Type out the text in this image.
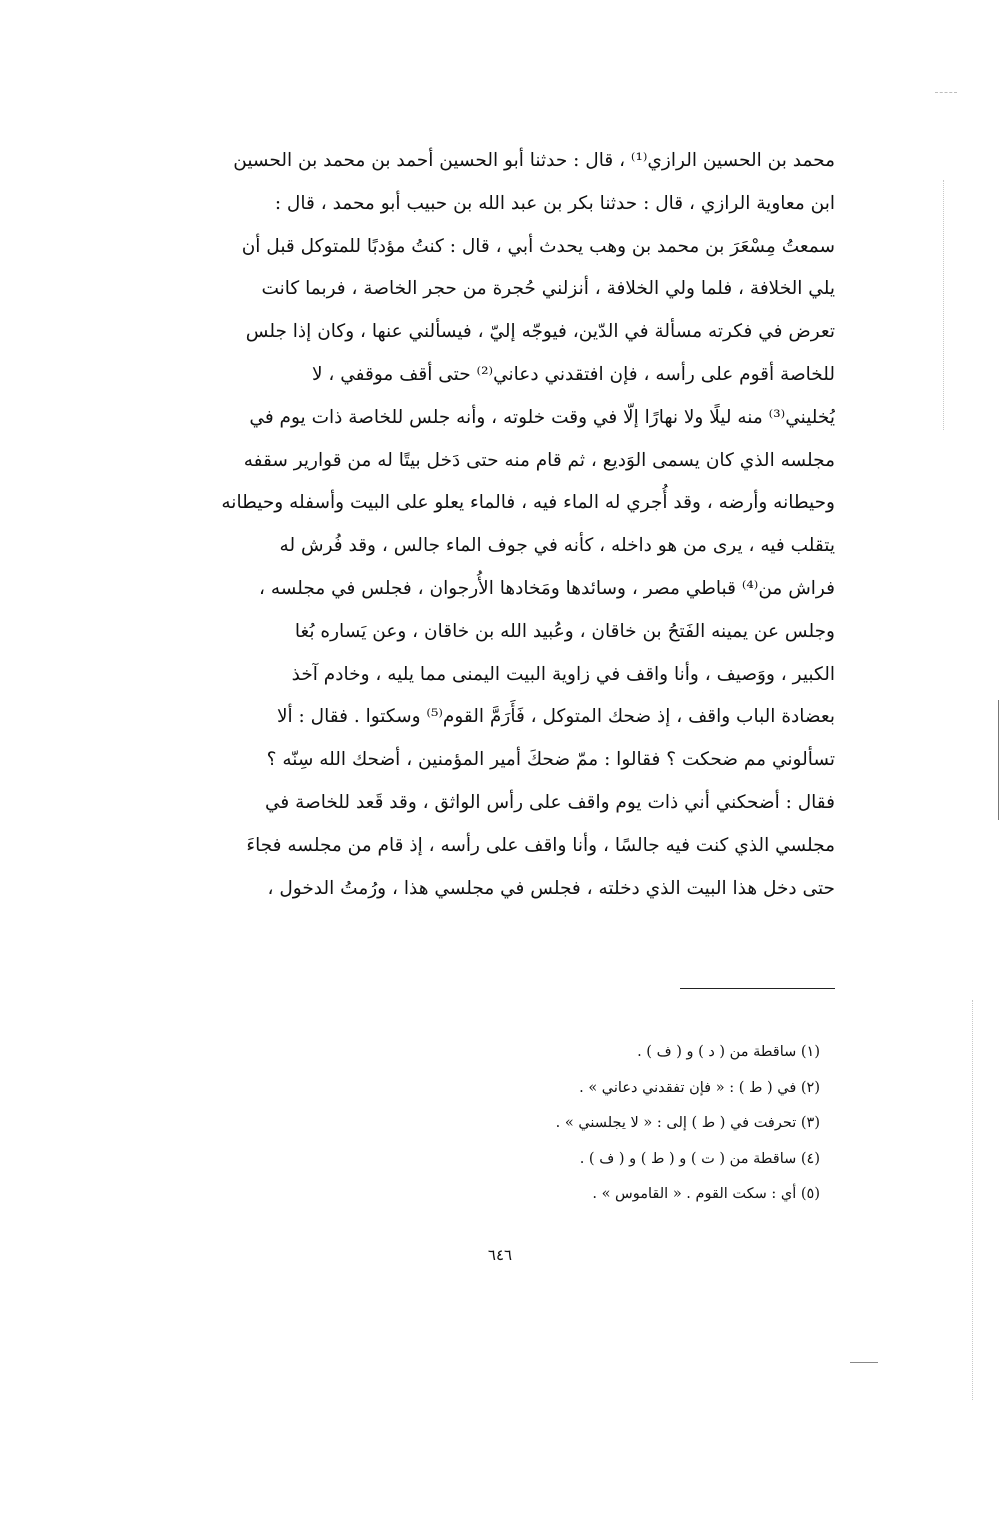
محمد بن الحسين الرازي⁽¹⁾ ، قال : حدثنا أبو الحسين أحمد بن محمد بن الحسين
ابن معاوية الرازي ، قال : حدثنا بكر بن عبد الله بن حبيب أبو محمد ، قال :
سمعتُ مِسْعَرَ بن محمد بن وهب يحدث أبي ، قال : كنتُ مؤدبًا للمتوكل قبل أن
يلي الخلافة ، فلما ولي الخلافة ، أنزلني حُجرة من حجر الخاصة ، فربما كانت
تعرض في فكرته مسألة في الدّين، فيوجّه إليّ ، فيسألني عنها ، وكان إذا جلس
للخاصة أقوم على رأسه ، فإن افتقدني دعاني⁽²⁾ حتى أقف موقفي ، لا
يُخليني⁽³⁾ منه ليلًا ولا نهارًا إلّا في وقت خلوته ، وأنه جلس للخاصة ذات يوم في
مجلسه الذي كان يسمى الوَديع ، ثم قام منه حتى دَخل بيتًا له من قوارير سقفه
وحيطانه وأرضه ، وقد أُجري له الماء فيه ، فالماء يعلو على البيت وأسفله وحيطانه
يتقلب فيه ، يرى من هو داخله ، كأنه في جوف الماء جالس ، وقد فُرش له
فراش من⁽⁴⁾ قباطي مصر ، وسائدها ومَخادها الأُرجوان ، فجلس في مجلسه ،
وجلس عن يمينه الفَتحُ بن خاقان ، وعُبيد الله بن خاقان ، وعن يَساره بُغا
الكبير ، ووَصيف ، وأنا واقف في زاوية البيت اليمنى مما يليه ، وخادم آخذ
بعضادة الباب واقف ، إذ ضحك المتوكل ، فَأَرَمَّ القوم⁽⁵⁾ وسكتوا . فقال : ألا
تسألوني مم ضحكت ؟ فقالوا : ممّ ضحكَ أمير المؤمنين ، أضحك الله سِنّه ؟
فقال : أضحكني أني ذات يوم واقف على رأس الواثق ، وقد قَعد للخاصة في
مجلسي الذي كنت فيه جالسًا ، وأنا واقف على رأسه ، إذ قام من مجلسه فجاءَ
حتى دخل هذا البيت الذي دخلته ، فجلس في مجلسي هذا ، ورُمتُ الدخول ،
(١) ساقطة من ( د ) و ( ف ) .
(٢) في ( ط ) : « فإن تفقدني دعاني » .
(٣) تحرفت في ( ط ) إلى : « لا يجلسني » .
(٤) ساقطة من ( ت ) و ( ط ) و ( ف ) .
(٥) أي : سكت القوم . « القاموس » .
٦٤٦
